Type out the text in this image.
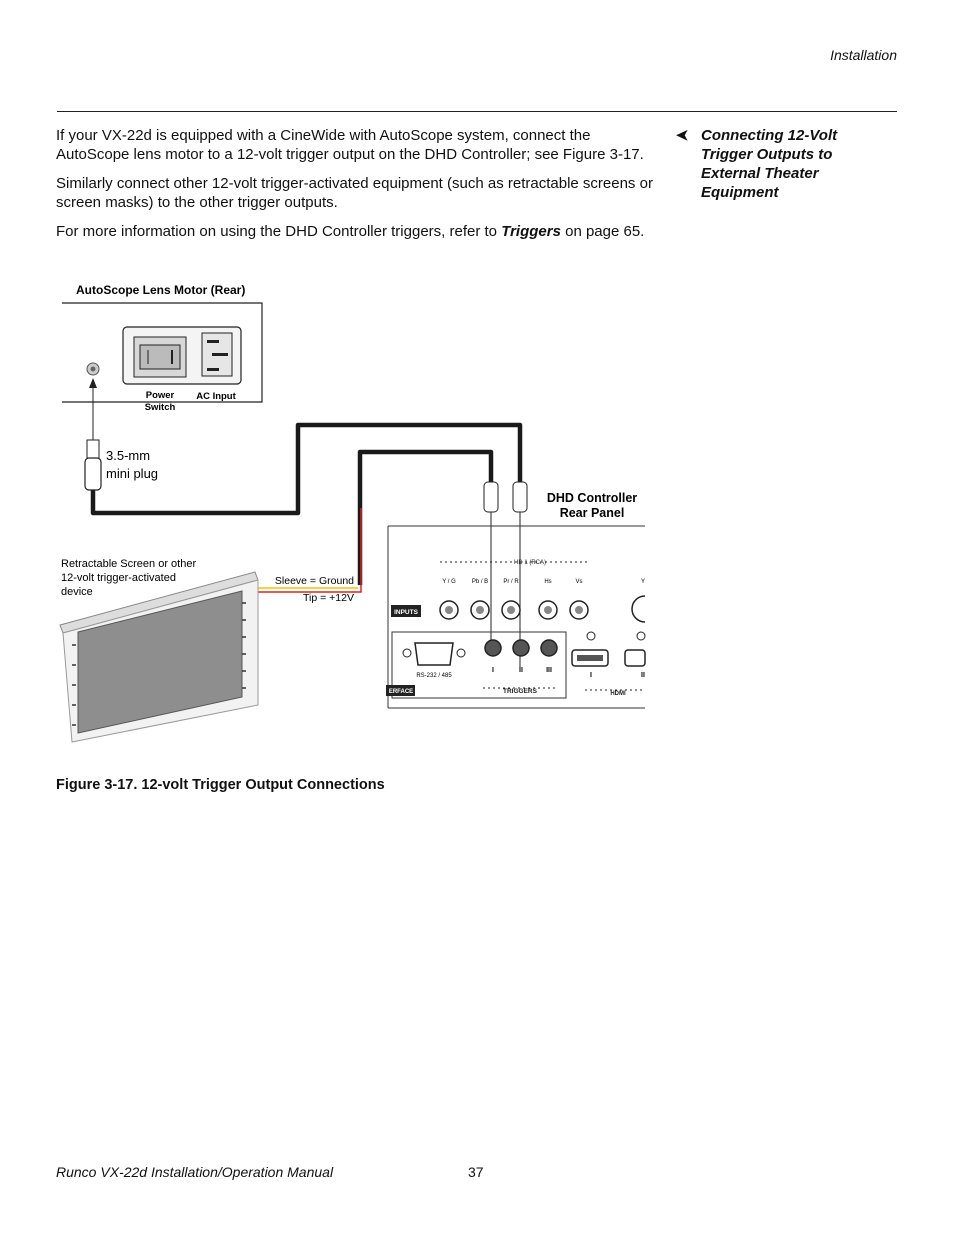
Installation

If your VX-22d is equipped with a CineWide with AutoScope system, connect the AutoScope lens motor to a 12-volt trigger output on the DHD Controller; see Figure 3-17.

Similarly connect other 12-volt trigger-activated equipment (such as retractable screens or screen masks) to the other trigger outputs.

For more information on using the DHD Controller triggers, refer to Triggers on page 65.

➤ Connecting 12-Volt Trigger Outputs to External Theater Equipment
AutoScope Lens Motor (Rear)
Power
Switch
AC Input
3.5-mm
mini plug
Sleeve = Ground
Tip = +12V
DHD Controller
Rear Panel
HD 1 (RCA)
Y / G	Pb / B	Pr / R	Hs	Vs	Y
INPUTS
RS-232 / 485
ERFACE
I	II	III
TRIGGERS
I	II
HDMI
Retractable Screen or other
12-volt trigger-activated
device
Figure 3-17. 12-volt Trigger Output Connections
Runco VX-22d Installation/Operation Manual	37
